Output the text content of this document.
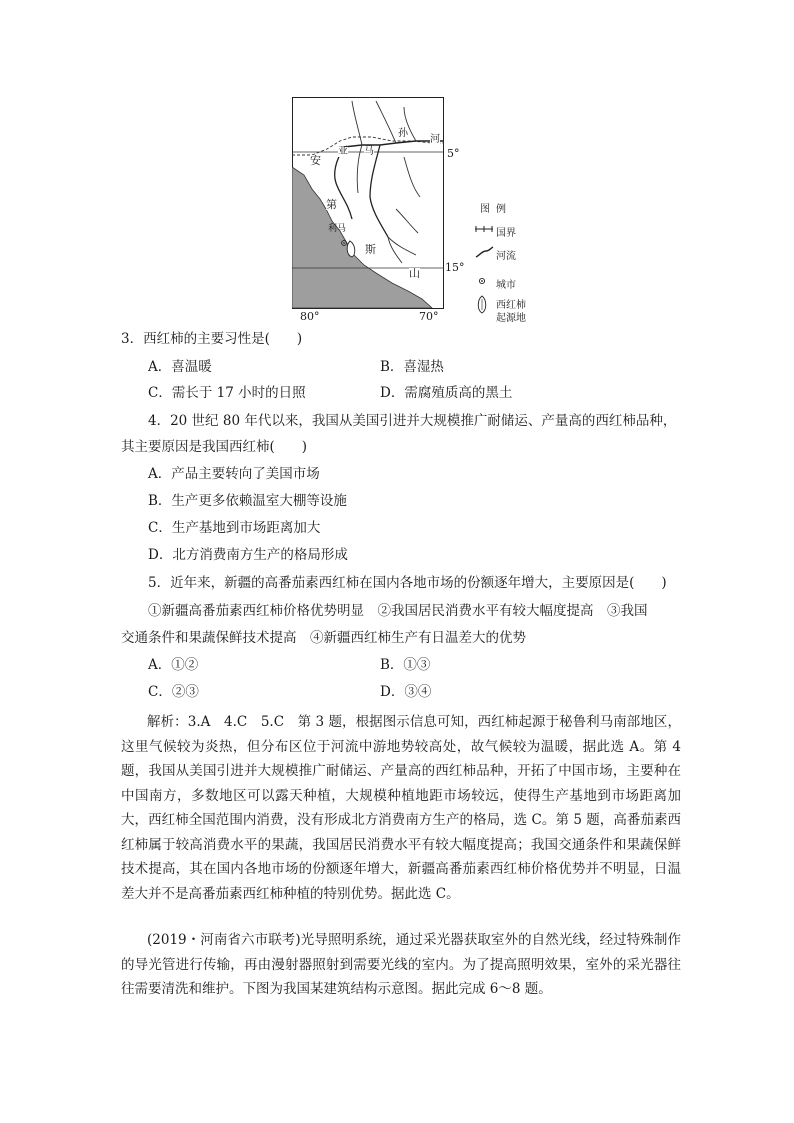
安
第
斯
山
孙
河
亚 马
利马
5°
15°
80°	70°
图例
国界
河流
城市
西红柿
起源地
3．西红柿的主要习性是(　　)
A．喜温暖	B．喜湿热
C．需长于 17 小时的日照	D．需腐殖质高的黑土
4．20 世纪 80 年代以来，我国从美国引进并大规模推广耐储运、产量高的西红柿品种，
其主要原因是我国西红柿(　　)
A．产品主要转向了美国市场
B．生产更多依赖温室大棚等设施
C．生产基地到市场距离加大
D．北方消费南方生产的格局形成
5．近年来，新疆的高番茄素西红柿在国内各地市场的份额逐年增大，主要原因是(　　)
①新疆高番茄素西红柿价格优势明显　②我国居民消费水平有较大幅度提高　③我国
交通条件和果蔬保鲜技术提高　④新疆西红柿生产有日温差大的优势
A．①②	B．①③
C．②③	D．③④
解析：3.A　4.C　5.C　第 3 题，根据图示信息可知，西红柿起源于秘鲁利马南部地区，这里气候较为炎热，但分布区位于河流中游地势较高处，故气候较为温暖，据此选 A。第 4 题，我国从美国引进并大规模推广耐储运、产量高的西红柿品种，开拓了中国市场，主要种在中国南方，多数地区可以露天种植，大规模种植地距市场较远，使得生产基地到市场距离加大，西红柿全国范围内消费，没有形成北方消费南方生产的格局，选 C。第 5 题，高番茄素西红柿属于较高消费水平的果蔬，我国居民消费水平有较大幅度提高；我国交通条件和果蔬保鲜技术提高，其在国内各地市场的份额逐年增大，新疆高番茄素西红柿价格优势并不明显，日温差大并不是高番茄素西红柿种植的特别优势。据此选 C。
(2019・河南省六市联考)光导照明系统，通过采光器获取室外的自然光线，经过特殊制作的导光管进行传输，再由漫射器照射到需要光线的室内。为了提高照明效果，室外的采光器往往需要清洗和维护。下图为我国某建筑结构示意图。据此完成 6～8 题。
